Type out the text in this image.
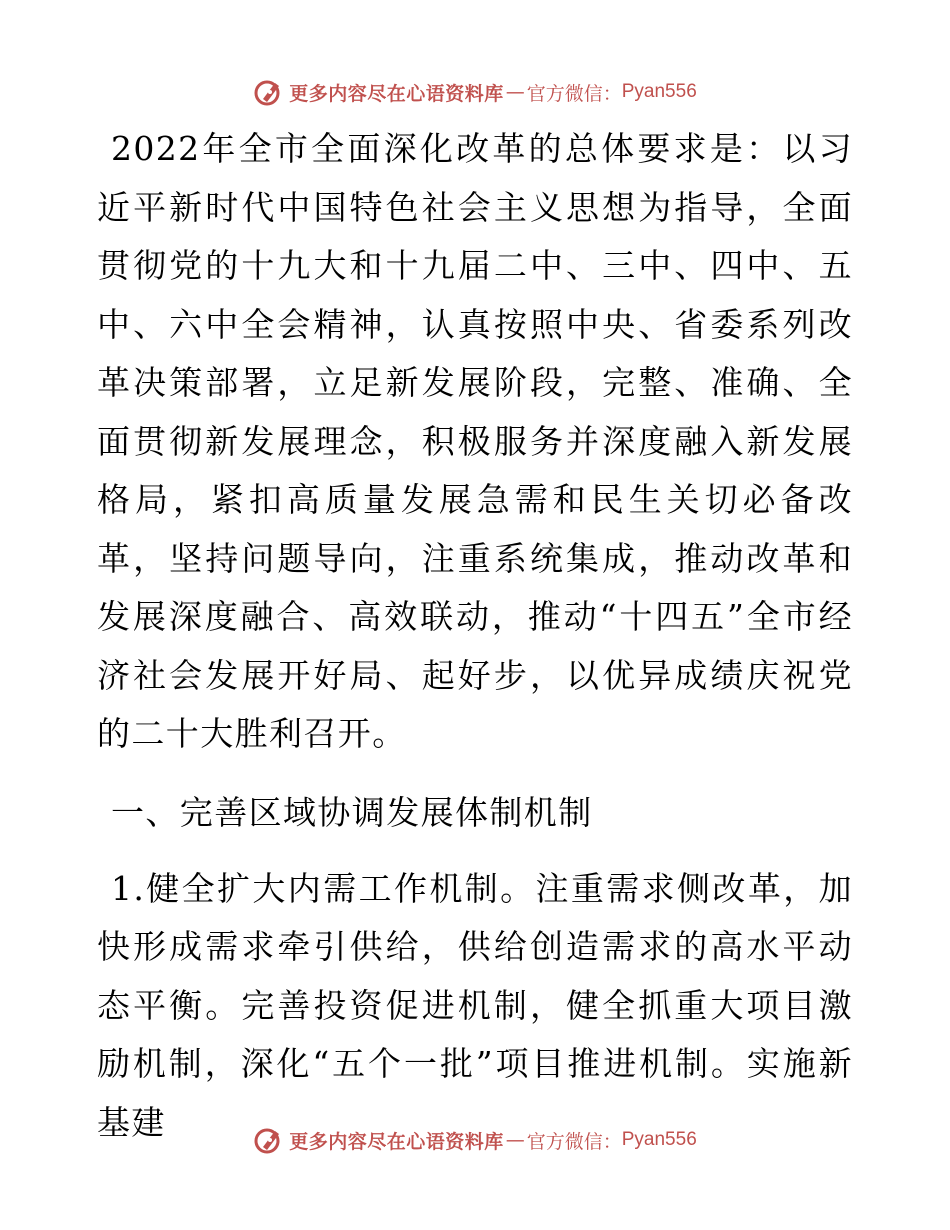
更多内容尽在心语资料库 — 官方微信： Pyan556

2022年全市全面深化改革的总体要求是：以习近平新时代中国特色社会主义思想为指导，全面贯彻党的十九大和十九届二中、三中、四中、五中、六中全会精神，认真按照中央、省委系列改革决策部署，立足新发展阶段，完整、准确、全面贯彻新发展理念，积极服务并深度融入新发展格局，紧扣高质量发展急需和民生关切必备改革，坚持问题导向，注重系统集成，推动改革和发展深度融合、高效联动，推动“十四五”全市经济社会发展开好局、起好步，以优异成绩庆祝党的二十大胜利召开。

一、完善区域协调发展体制机制

1.健全扩大内需工作机制。注重需求侧改革，加快形成需求牵引供给，供给创造需求的高水平动态平衡。完善投资促进机制，健全抓重大项目激励机制，深化“五个一批”项目推进机制。实施新基建	更多内容尽在心语资料库 — 官方微信： Pyan556
